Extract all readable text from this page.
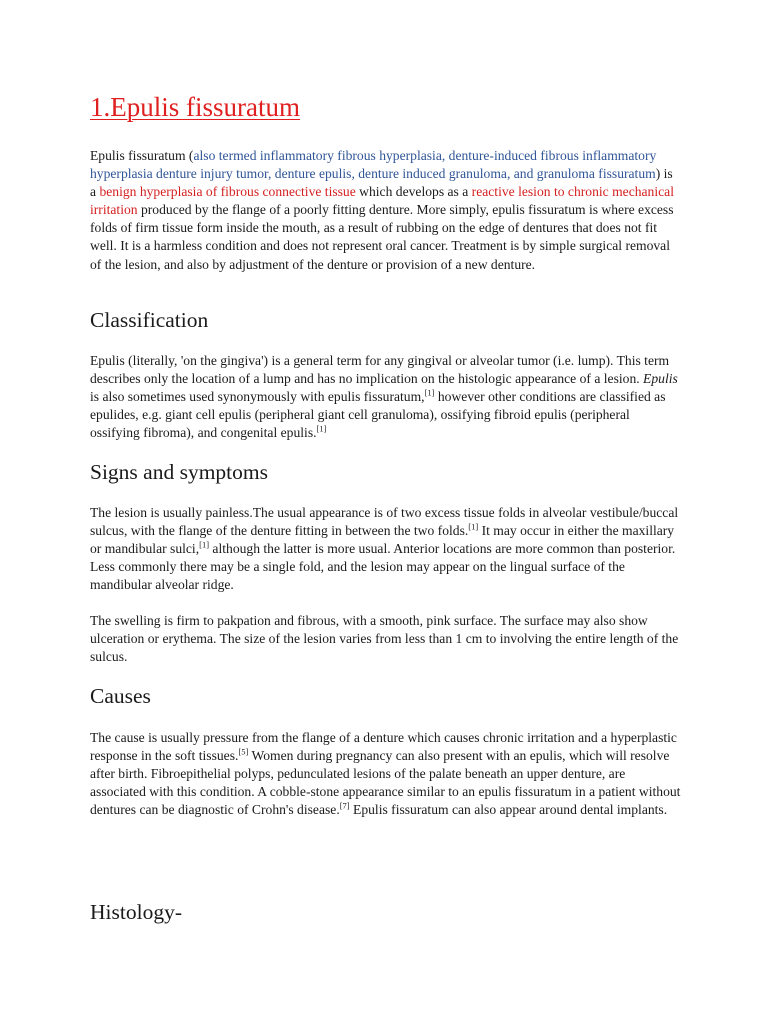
1.Epulis fissuratum

Epulis fissuratum (also termed inflammatory fibrous hyperplasia, denture-induced fibrous inflammatory hyperplasia denture injury tumor, denture epulis, denture induced granuloma, and granuloma fissuratum) is a benign hyperplasia of fibrous connective tissue which develops as a reactive lesion to chronic mechanical irritation produced by the flange of a poorly fitting denture. More simply, epulis fissuratum is where excess folds of firm tissue form inside the mouth, as a result of rubbing on the edge of dentures that does not fit well. It is a harmless condition and does not represent oral cancer. Treatment is by simple surgical removal of the lesion, and also by adjustment of the denture or provision of a new denture.

Classification

Epulis (literally, 'on the gingiva') is a general term for any gingival or alveolar tumor (i.e. lump). This term describes only the location of a lump and has no implication on the histologic appearance of a lesion. Epulis is also sometimes used synonymously with epulis fissuratum,[1] however other conditions are classified as epulides, e.g. giant cell epulis (peripheral giant cell granuloma), ossifying fibroid epulis (peripheral ossifying fibroma), and congenital epulis.[1]

Signs and symptoms

The lesion is usually painless.The usual appearance is of two excess tissue folds in alveolar vestibule/buccal sulcus, with the flange of the denture fitting in between the two folds.[1] It may occur in either the maxillary or mandibular sulci,[1] although the latter is more usual. Anterior locations are more common than posterior. Less commonly there may be a single fold, and the lesion may appear on the lingual surface of the mandibular alveolar ridge.

The swelling is firm to pakpation and fibrous, with a smooth, pink surface. The surface may also show ulceration or erythema. The size of the lesion varies from less than 1 cm to involving the entire length of the sulcus.

Causes

The cause is usually pressure from the flange of a denture which causes chronic irritation and a hyperplastic response in the soft tissues.[5] Women during pregnancy can also present with an epulis, which will resolve after birth. Fibroepithelial polyps, pedunculated lesions of the palate beneath an upper denture, are associated with this condition. A cobble-stone appearance similar to an epulis fissuratum in a patient without dentures can be diagnostic of Crohn's disease.[7] Epulis fissuratum can also appear around dental implants.

Histology-
